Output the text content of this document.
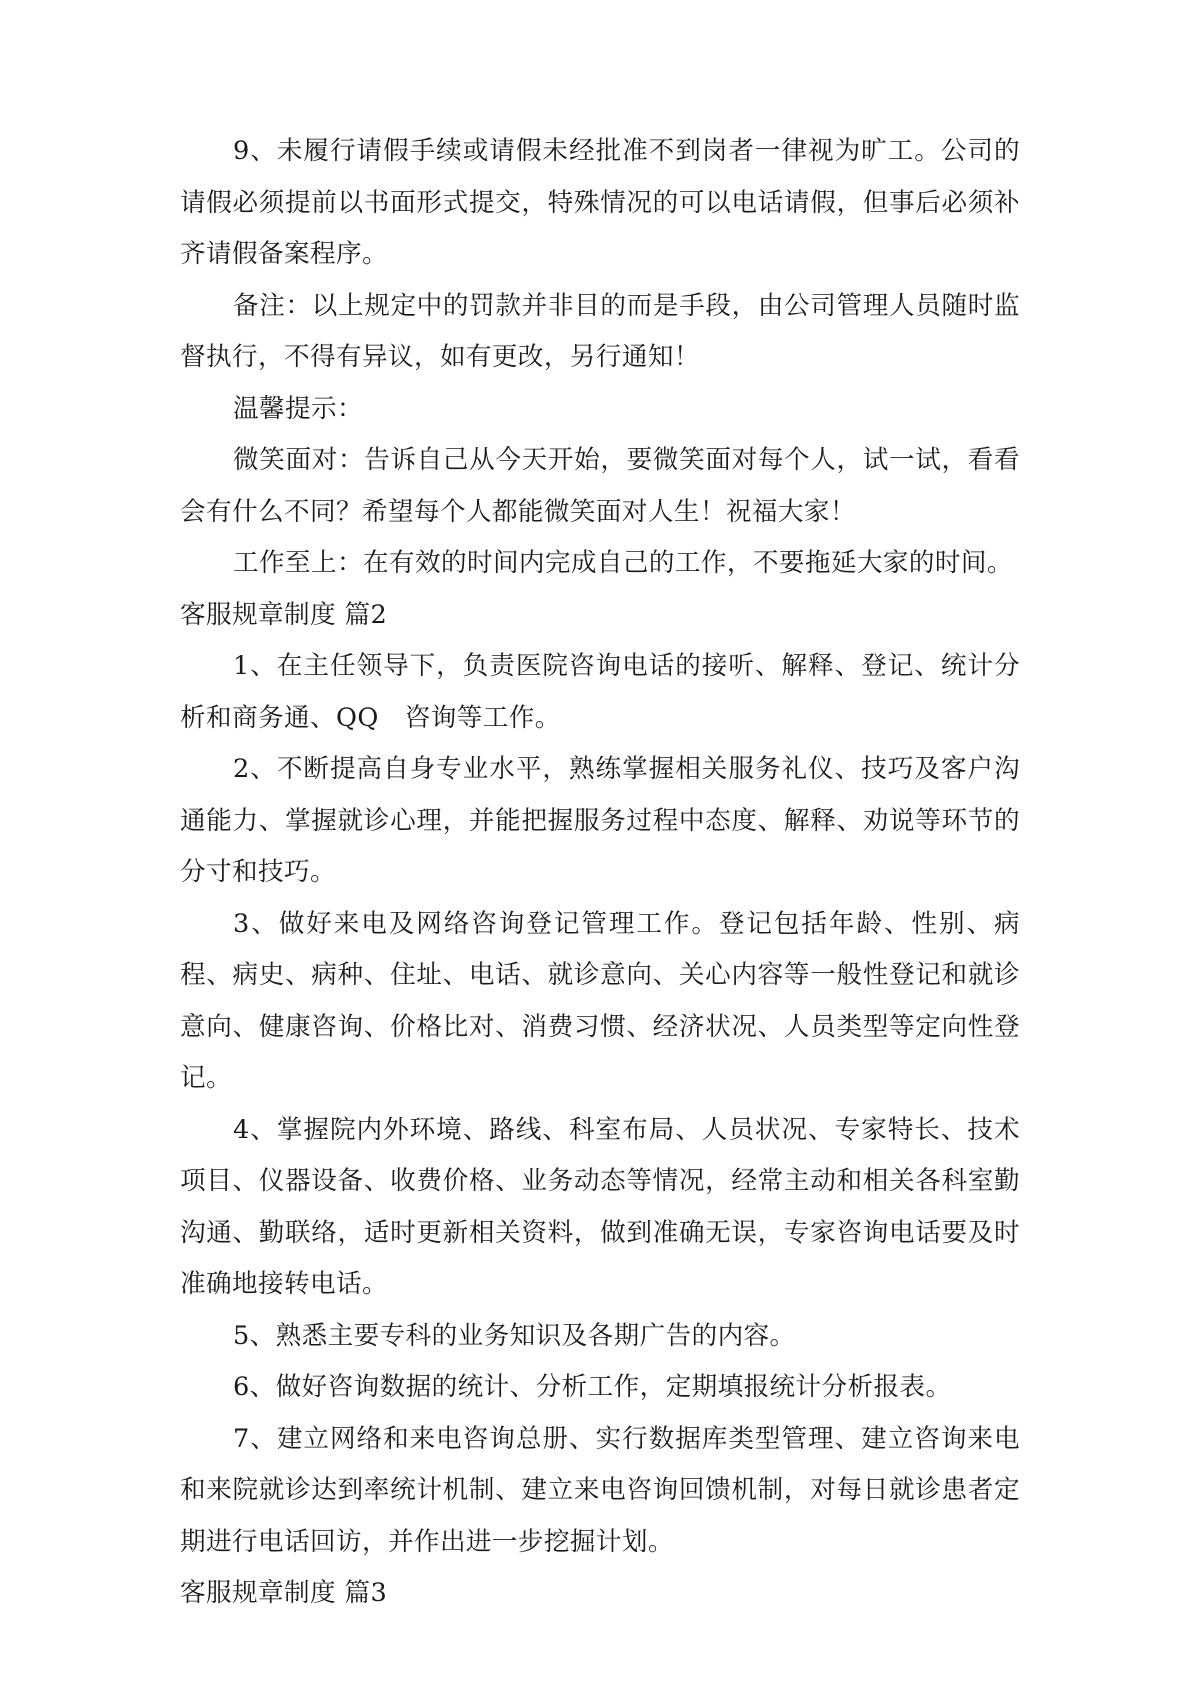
9、未履行请假手续或请假未经批准不到岗者一律视为旷工。公司的请假必须提前以书面形式提交，特殊情况的可以电话请假，但事后必须补齐请假备案程序。

备注：以上规定中的罚款并非目的而是手段，由公司管理人员随时监督执行，不得有异议，如有更改，另行通知！

温馨提示：

微笑面对：告诉自己从今天开始，要微笑面对每个人，试一试，看看会有什么不同？希望每个人都能微笑面对人生！祝福大家！

工作至上：在有效的时间内完成自己的工作，不要拖延大家的时间。

客服规章制度 篇2

1、在主任领导下，负责医院咨询电话的接听、解释、登记、统计分析和商务通、QQ　咨询等工作。

2、不断提高自身专业水平，熟练掌握相关服务礼仪、技巧及客户沟通能力、掌握就诊心理，并能把握服务过程中态度、解释、劝说等环节的分寸和技巧。

3、做好来电及网络咨询登记管理工作。登记包括年龄、性别、病程、病史、病种、住址、电话、就诊意向、关心内容等一般性登记和就诊意向、健康咨询、价格比对、消费习惯、经济状况、人员类型等定向性登记。

4、掌握院内外环境、路线、科室布局、人员状况、专家特长、技术项目、仪器设备、收费价格、业务动态等情况，经常主动和相关各科室勤沟通、勤联络，适时更新相关资料，做到准确无误，专家咨询电话要及时准确地接转电话。

5、熟悉主要专科的业务知识及各期广告的内容。

6、做好咨询数据的统计、分析工作，定期填报统计分析报表。

7、建立网络和来电咨询总册、实行数据库类型管理、建立咨询来电和来院就诊达到率统计机制、建立来电咨询回馈机制，对每日就诊患者定期进行电话回访，并作出进一步挖掘计划。

客服规章制度 篇3
